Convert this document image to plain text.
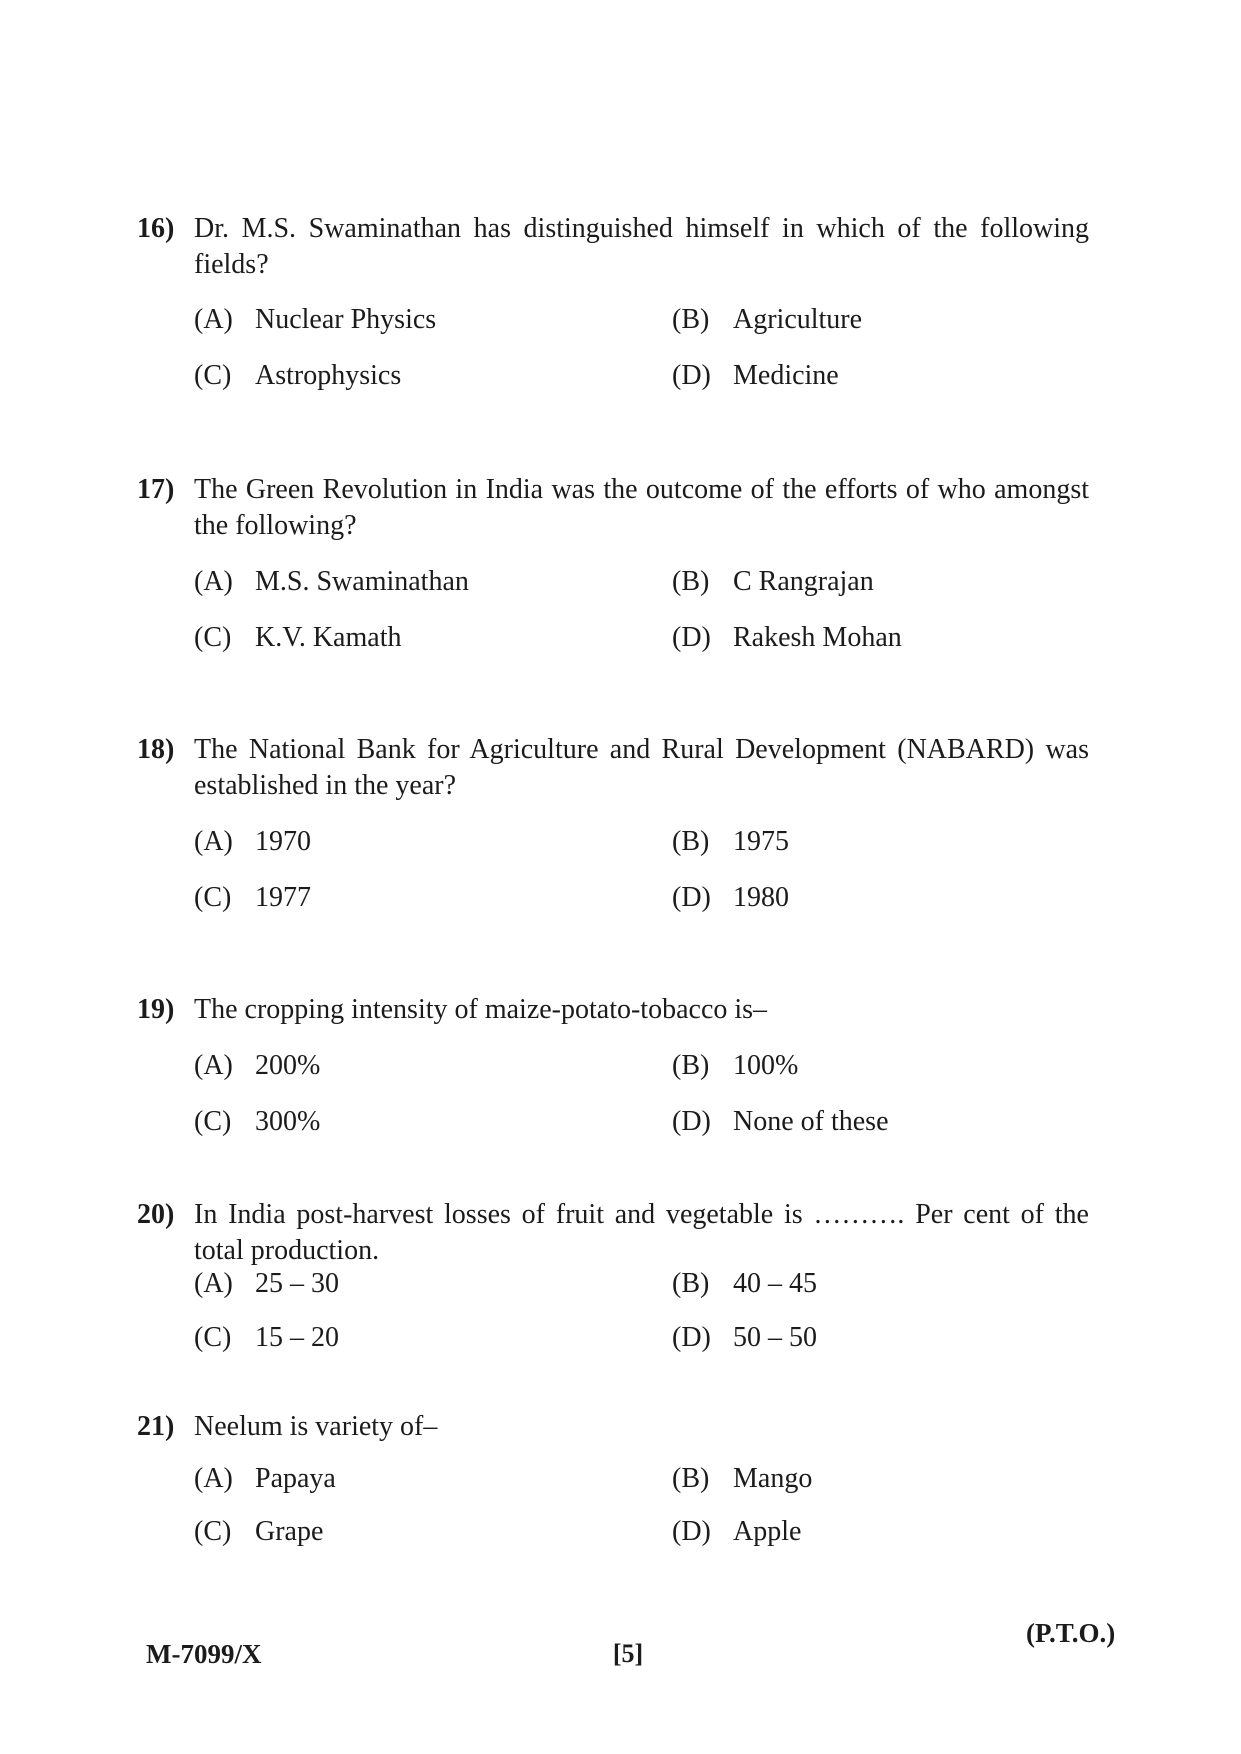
16) Dr. M.S. Swaminathan has distinguished himself in which of the following
fields?
(A) Nuclear Physics	(B) Agriculture
(C) Astrophysics	(D) Medicine
17) The Green Revolution in India was the outcome of the efforts of who amongst
the following?
(A) M.S. Swaminathan	(B) C Rangrajan
(C) K.V. Kamath	(D) Rakesh Mohan
18) The National Bank for Agriculture and Rural Development (NABARD) was
established in the year?
(A) 1970	(B) 1975
(C) 1977	(D) 1980
19) The cropping intensity of maize-potato-tobacco is–
(A) 200%	(B) 100%
(C) 300%	(D) None of these
20) In India post-harvest losses of fruit and vegetable is ………. Per cent of the
total production.
(A) 25 – 30	(B) 40 – 45
(C) 15 – 20	(D) 50 – 50
21) Neelum is variety of–
(A) Papaya	(B) Mango
(C) Grape	(D) Apple
M-7099/X	[5]
(P.T.O.)
